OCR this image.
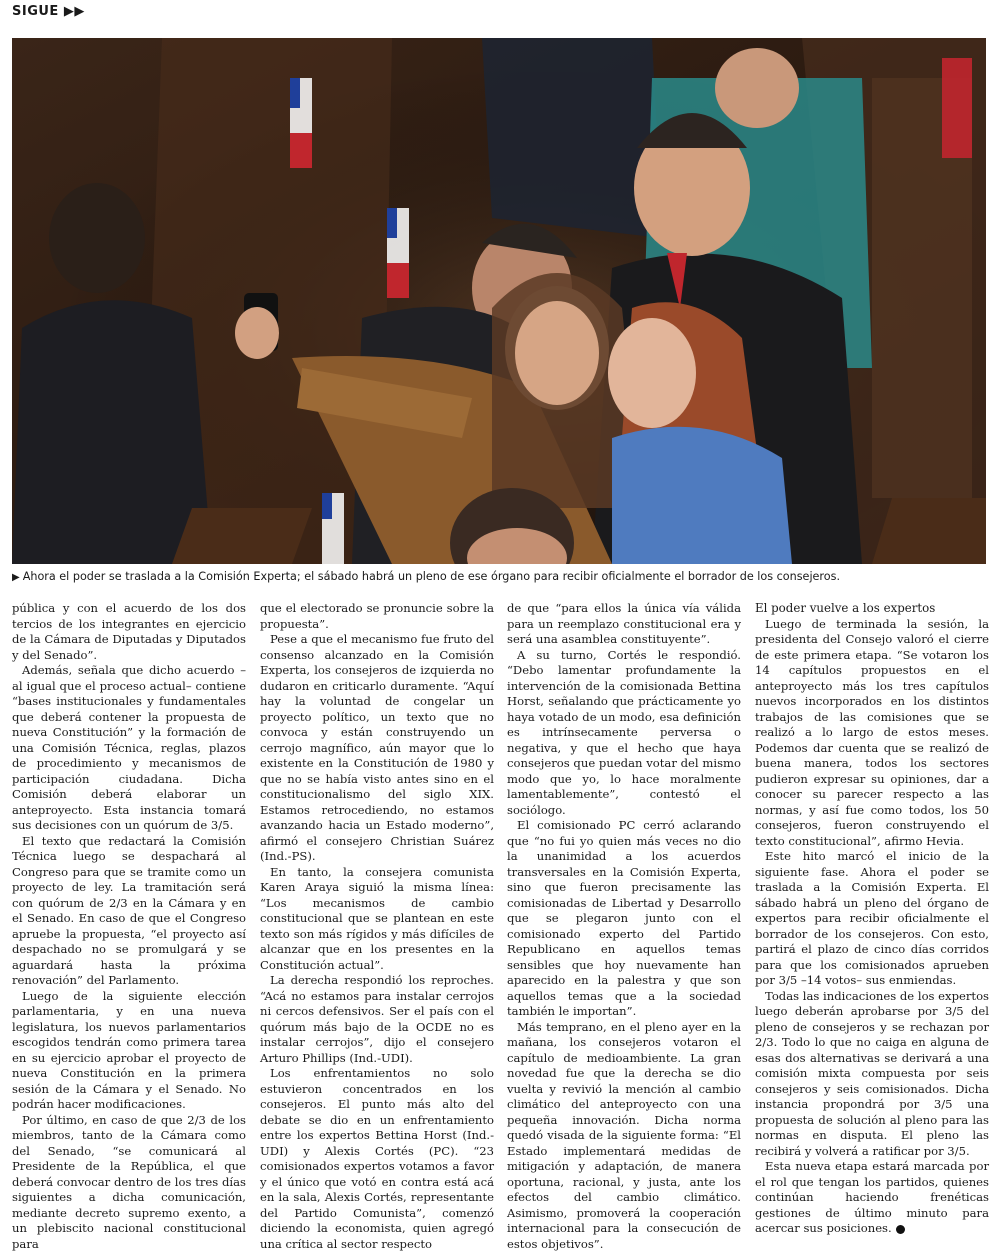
SIGUE ▶▶
▶ Ahora el poder se traslada a la Comisión Experta; el sábado habrá un pleno de ese órgano para recibir oficialmente el borrador de los consejeros.

pública y con el acuerdo de los dos tercios de los integrantes en ejercicio de la Cámara de Diputadas y Diputados y del Senado”.

Además, señala que dicho acuerdo –al igual que el proceso actual– contiene “bases institucionales y fundamentales que deberá contener la propuesta de nueva Constitución” y la formación de una Comisión Técnica, reglas, plazos de procedimiento y mecanismos de participación ciudadana. Dicha Comisión deberá elaborar un anteproyecto. Esta instancia tomará sus decisiones con un quórum de 3/5.

El texto que redactará la Comisión Técnica luego se despachará al Congreso para que se tramite como un proyecto de ley. La tramitación será con quórum de 2/3 en la Cámara y en el Senado. En caso de que el Congreso apruebe la propuesta, “el proyecto así despachado no se promulgará y se aguardará hasta la próxima renovación” del Parlamento.

Luego de la siguiente elección parlamentaria, y en una nueva legislatura, los nuevos parlamentarios escogidos tendrán como primera tarea en su ejercicio aprobar el proyecto de nueva Constitución en la primera sesión de la Cámara y el Senado. No podrán hacer modificaciones.

Por último, en caso de que 2/3 de los miembros, tanto de la Cámara como del Senado, “se comunicará al Presidente de la República, el que deberá convocar dentro de los tres días siguientes a dicha comunicación, mediante decreto supremo exento, a un plebiscito nacional constitucional para

que el electorado se pronuncie sobre la propuesta”.

Pese a que el mecanismo fue fruto del consenso alcanzado en la Comisión Experta, los consejeros de izquierda no dudaron en criticarlo duramente. “Aquí hay la voluntad de congelar un proyecto político, un texto que no convoca y están construyendo un cerrojo magnífico, aún mayor que lo existente en la Constitución de 1980 y que no se había visto antes sino en el constitucionalismo del siglo XIX. Estamos retrocediendo, no estamos avanzando hacia un Estado moderno”, afirmó el consejero Christian Suárez (Ind.-PS).

En tanto, la consejera comunista Karen Araya siguió la misma línea: “Los mecanismos de cambio constitucional que se plantean en este texto son más rígidos y más difíciles de alcanzar que en los presentes en la Constitución actual”.

La derecha respondió los reproches. “Acá no estamos para instalar cerrojos ni cercos defensivos. Ser el país con el quórum más bajo de la OCDE no es instalar cerrojos”, dijo el consejero Arturo Phillips (Ind.-UDI).

Los enfrentamientos no solo estuvieron concentrados en los consejeros. El punto más alto del debate se dio en un enfrentamiento entre los expertos Bettina Horst (Ind.-UDI) y Alexis Cortés (PC). “23 comisionados expertos votamos a favor y el único que votó en contra está acá en la sala, Alexis Cortés, representante del Partido Comunista”, comenzó diciendo la economista, quien agregó una crítica al sector respecto

de que “para ellos la única vía válida para un reemplazo constitucional era y será una asamblea constituyente”.

A su turno, Cortés le respondió. “Debo lamentar profundamente la intervención de la comisionada Bettina Horst, señalando que prácticamente yo haya votado de un modo, esa definición es intrínsecamente perversa o negativa, y que el hecho que haya consejeros que puedan votar del mismo modo que yo, lo hace moralmente lamentablemente”, contestó el sociólogo.

El comisionado PC cerró aclarando que “no fui yo quien más veces no dio la unanimidad a los acuerdos transversales en la Comisión Experta, sino que fueron precisamente las comisionadas de Libertad y Desarrollo que se plegaron junto con el comisionado experto del Partido Republicano en aquellos temas sensibles que hoy nuevamente han aparecido en la palestra y que son aquellos temas que a la sociedad también le importan”.

Más temprano, en el pleno ayer en la mañana, los consejeros votaron el capítulo de medioambiente. La gran novedad fue que la derecha se dio vuelta y revivió la mención al cambio climático del anteproyecto con una pequeña innovación. Dicha norma quedó visada de la siguiente forma: “El Estado implementará medidas de mitigación y adaptación, de manera oportuna, racional, y justa, ante los efectos del cambio climático. Asimismo, promoverá la cooperación internacional para la consecución de estos objetivos”.

El poder vuelve a los expertos

Luego de terminada la sesión, la presidenta del Consejo valoró el cierre de este primera etapa. “Se votaron los 14 capítulos propuestos en el anteproyecto más los tres capítulos nuevos incorporados en los distintos trabajos de las comisiones que se realizó a lo largo de estos meses. Podemos dar cuenta que se realizó de buena manera, todos los sectores pudieron expresar su opiniones, dar a conocer su parecer respecto a las normas, y así fue como todos, los 50 consejeros, fueron construyendo el texto constitucional”, afirmo Hevia.

Este hito marcó el inicio de la siguiente fase. Ahora el poder se traslada a la Comisión Experta. El sábado habrá un pleno del órgano de expertos para recibir oficialmente el borrador de los consejeros. Con esto, partirá el plazo de cinco días corridos para que los comisionados aprueben por 3/5 –14 votos– sus enmiendas.

Todas las indicaciones de los expertos luego deberán aprobarse por 3/5 del pleno de consejeros y se rechazan por 2/3. Todo lo que no caiga en alguna de esas dos alternativas se derivará a una comisión mixta compuesta por seis consejeros y seis comisionados. Dicha instancia propondrá por 3/5 una propuesta de solución al pleno para las normas en disputa. El pleno las recibirá y volverá a ratificar por 3/5.

Esta nueva etapa estará marcada por el rol que tengan los partidos, quienes continúan haciendo frenéticas gestiones de último minuto para acercar sus posiciones.
